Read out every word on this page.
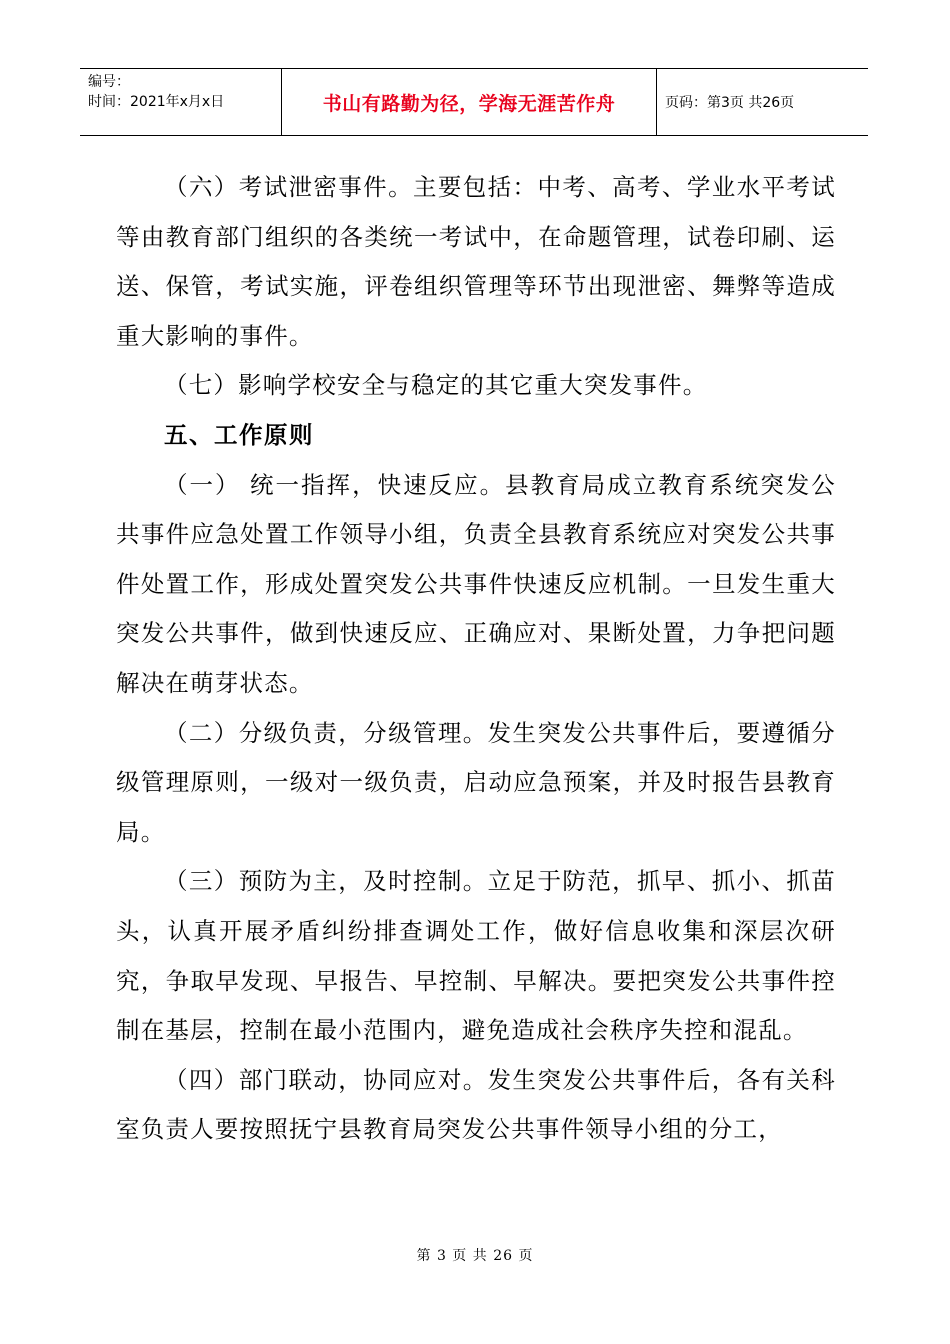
编号：
时间：2021年x月x日	书山有路勤为径，学海无涯苦作舟	页码：第3页 共26页

（六）考试泄密事件。主要包括：中考、高考、学业水平考试等由教育部门组织的各类统一考试中，在命题管理，试卷印刷、运送、保管，考试实施，评卷组织管理等环节出现泄密、舞弊等造成重大影响的事件。

（七）影响学校安全与稳定的其它重大突发事件。

五、工作原则

（一） 统一指挥，快速反应。县教育局成立教育系统突发公共事件应急处置工作领导小组，负责全县教育系统应对突发公共事件处置工作，形成处置突发公共事件快速反应机制。一旦发生重大突发公共事件，做到快速反应、正确应对、果断处置，力争把问题解决在萌芽状态。

（二）分级负责，分级管理。发生突发公共事件后，要遵循分级管理原则，一级对一级负责，启动应急预案，并及时报告县教育局。

（三）预防为主，及时控制。立足于防范，抓早、抓小、抓苗头，认真开展矛盾纠纷排查调处工作，做好信息收集和深层次研究，争取早发现、早报告、早控制、早解决。要把突发公共事件控制在基层，控制在最小范围内，避免造成社会秩序失控和混乱。

（四）部门联动，协同应对。发生突发公共事件后，各有关科室负责人要按照抚宁县教育局突发公共事件领导小组的分工，

第 3 页 共 26 页
